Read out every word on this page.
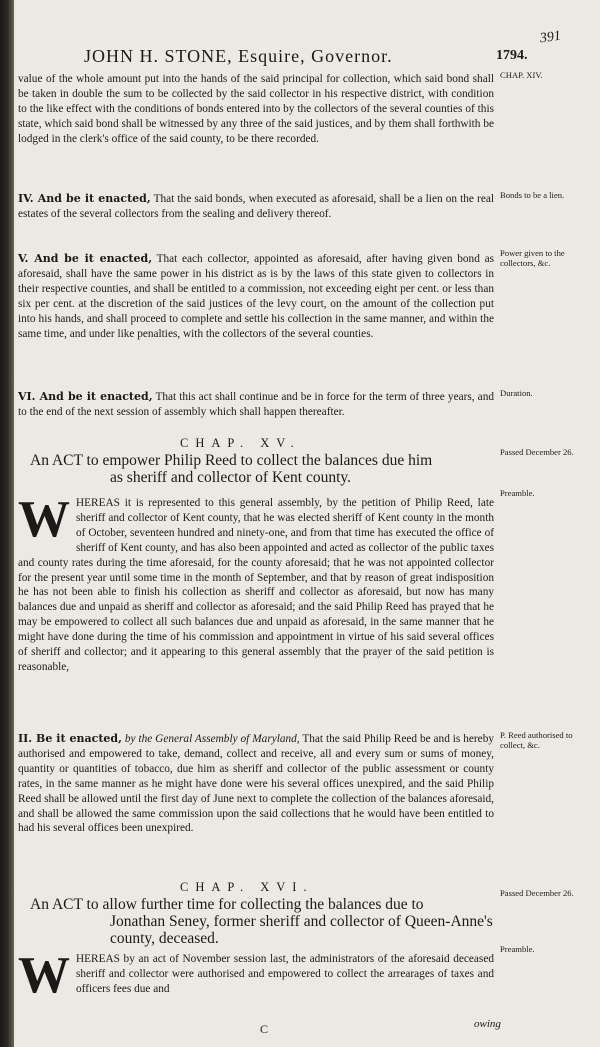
JOHN H. STONE, Esquire, Governor.	1794.
391

value of the whole amount put into the hands of the said principal for collection, which said bond shall be taken in double the sum to be collected by the said collector in his respective district, with condition to the like effect with the conditions of bonds entered into by the collectors of the several counties of this state, which said bond shall be witnessed by any three of the said justices, and by them shall forthwith be lodged in the clerk's office of the said county, to be there recorded.

CHAP. XIV.

IV. And be it enacted, That the said bonds, when executed as aforesaid, shall be a lien on the real estates of the several collectors from the sealing and delivery thereof.

Bonds to be a lien.

V. And be it enacted, That each collector, appointed as aforesaid, after having given bond as aforesaid, shall have the same power in his district as is by the laws of this state given to collectors in their respective counties, and shall be entitled to a commission, not exceeding eight per cent. or less than six per cent. at the discretion of the said justices of the levy court, on the amount of the collection put into his hands, and shall proceed to complete and settle his collection in the same manner, and within the same time, and under like penalties, with the collectors of the several counties.

Power given to the collectors, &c.

VI. And be it enacted, That this act shall continue and be in force for the term of three years, and to the end of the next session of assembly which shall happen thereafter.

Duration.
CHAP. XV.
An ACT to empower Philip Reed to collect the balances due him
as sheriff and collector of Kent county.
Passed December 26.

WHEREAS it is represented to this general assembly, by the petition of Philip Reed, late sheriff and collector of Kent county, that he was elected sheriff of Kent county in the month of October, seventeen hundred and ninety-one, and from that time has executed the office of sheriff of Kent county, and has also been appointed and acted as collector of the public taxes and county rates during the time aforesaid, for the county aforesaid; that he was not appointed collector for the present year until some time in the month of September, and that by reason of great indisposition he has not been able to finish his collection as sheriff and collector as aforesaid, but now has many balances due and unpaid as sheriff and collector as aforesaid; and the said Philip Reed has prayed that he may be empowered to collect all such balances due and unpaid as aforesaid, in the same manner that he might have done during the time of his commission and appointment in virtue of his said several offices of sheriff and collector; and it appearing to this general assembly that the prayer of the said petition is reasonable,

Preamble.

II. Be it enacted, by the General Assembly of Maryland, That the said Philip Reed be and is hereby authorised and empowered to take, demand, collect and receive, all and every sum or sums of money, quantity or quantities of tobacco, due him as sheriff and collector of the public assessment or county rates, in the same manner as he might have done were his several offices unexpired, and the said Philip Reed shall be allowed until the first day of June next to complete the collection of the balances aforesaid, and shall be allowed the same commission upon the said collections that he would have been entitled to had his several offices been unexpired.

P. Reed authorised to collect, &c.
CHAP. XVI.
An ACT to allow further time for collecting the balances due to
Jonathan Seney, former sheriff and collector of Queen-Anne's county, deceased.
Passed December 26.

WHEREAS by an act of November session last, the administrators of the aforesaid deceased sheriff and collector were authorised and empowered to collect the arrearages of taxes and officers fees due and

Preamble.
C	owing
